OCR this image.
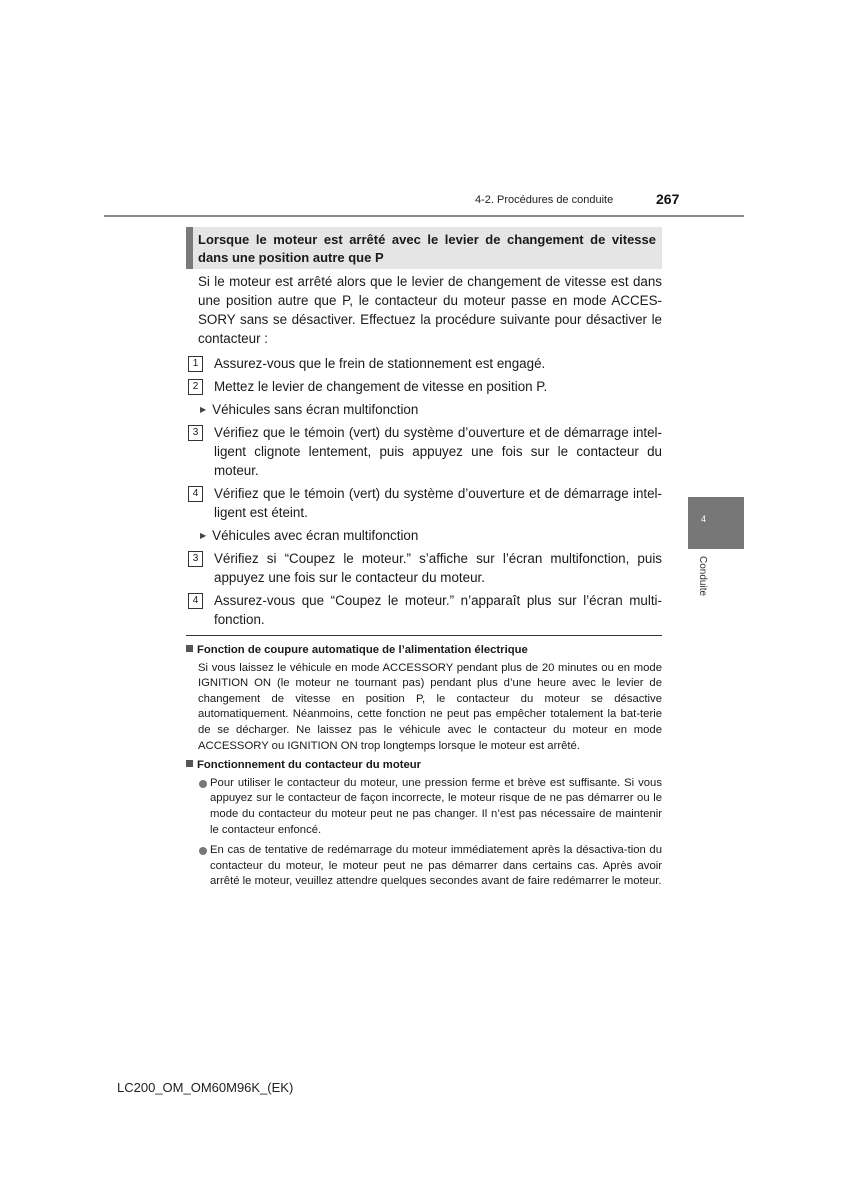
4-2. Procédures de conduite	267
4
Conduite
Lorsque le moteur est arrêté avec le levier de changement de vitesse dans une position autre que P
Si le moteur est arrêté alors que le levier de changement de vitesse est dans une position autre que P, le contacteur du moteur passe en mode ACCES-SORY sans se désactiver. Effectuez la procédure suivante pour désactiver le contacteur :
1	Assurez-vous que le frein de stationnement est engagé.
2	Mettez le levier de changement de vitesse en position P.
▶ Véhicules sans écran multifonction
3	Vérifiez que le témoin (vert) du système d’ouverture et de démarrage intel-ligent clignote lentement, puis appuyez une fois sur le contacteur du moteur.
4	Vérifiez que le témoin (vert) du système d’ouverture et de démarrage intel-ligent est éteint.
▶ Véhicules avec écran multifonction
3	Vérifiez si “Coupez le moteur.” s’affiche sur l’écran multifonction, puis appuyez une fois sur le contacteur du moteur.
4	Assurez-vous que “Coupez le moteur.” n’apparaît plus sur l’écran multi-fonction.
Fonction de coupure automatique de l’alimentation électrique
Si vous laissez le véhicule en mode ACCESSORY pendant plus de 20 minutes ou en mode IGNITION ON (le moteur ne tournant pas) pendant plus d’une heure avec le levier de changement de vitesse en position P, le contacteur du moteur se désactive automatiquement. Néanmoins, cette fonction ne peut pas empêcher totalement la bat-terie de se décharger. Ne laissez pas le véhicule avec le contacteur du moteur en mode ACCESSORY ou IGNITION ON trop longtemps lorsque le moteur est arrêté.
Fonctionnement du contacteur du moteur
Pour utiliser le contacteur du moteur, une pression ferme et brève est suffisante. Si vous appuyez sur le contacteur de façon incorrecte, le moteur risque de ne pas démarrer ou le mode du contacteur du moteur peut ne pas changer. Il n’est pas nécessaire de maintenir le contacteur enfoncé.
En cas de tentative de redémarrage du moteur immédiatement après la désactiva-tion du contacteur du moteur, le moteur peut ne pas démarrer dans certains cas. Après avoir arrêté le moteur, veuillez attendre quelques secondes avant de faire redémarrer le moteur.
LC200_OM_OM60M96K_(EK)
